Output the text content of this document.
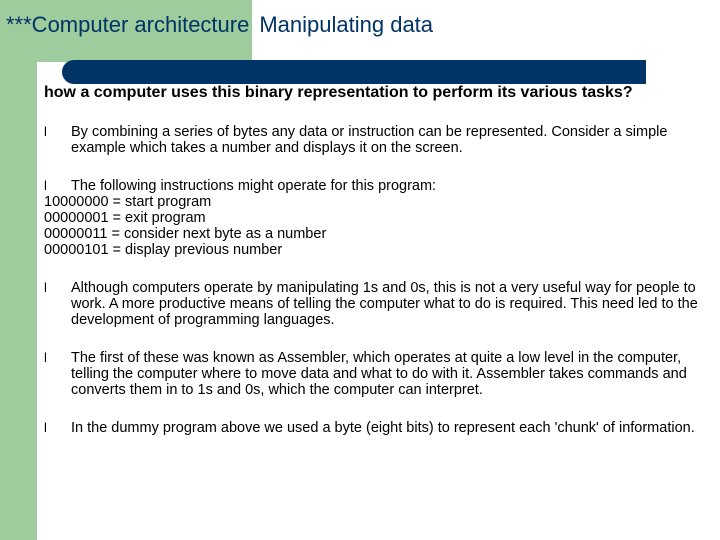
***Computer architecture Manipulating data

how a computer uses this binary representation to perform its various tasks?

l By combining a series of bytes any data or instruction can be represented. Consider a simple example which takes a number and displays it on the screen.

l The following instructions might operate for this program:
10000000 = start program
00000001 = exit program
00000011 = consider next byte as a number
00000101 = display previous number

l Although computers operate by manipulating 1s and 0s, this is not a very useful way for people to work. A more productive means of telling the computer what to do is required. This need led to the development of programming languages.

l The first of these was known as Assembler, which operates at quite a low level in the computer, telling the computer where to move data and what to do with it. Assembler takes commands and converts them in to 1s and 0s, which the computer can interpret.

l In the dummy program above we used a byte (eight bits) to represent each 'chunk' of information.
